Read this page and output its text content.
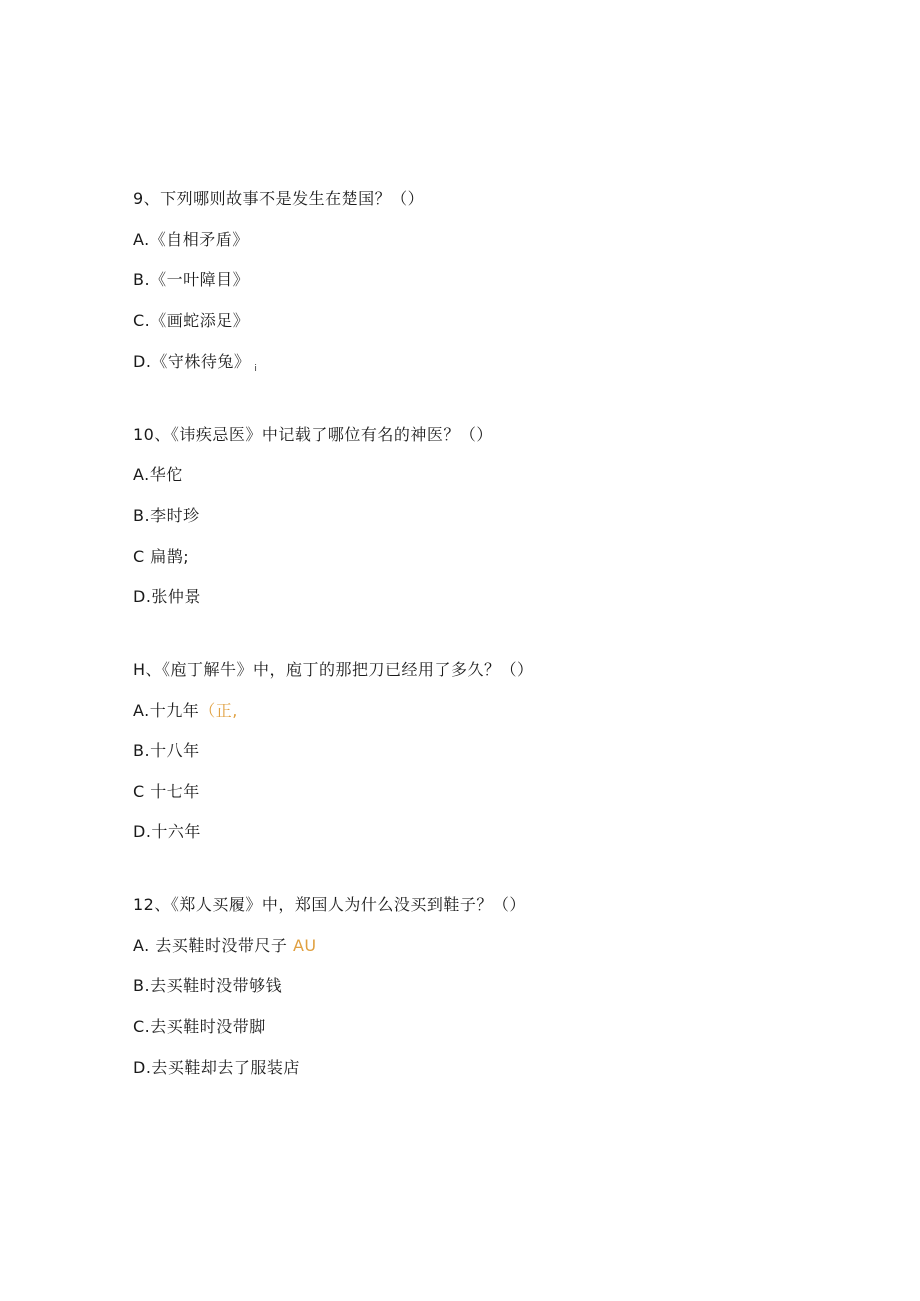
9、下列哪则故事不是发生在楚国？（）
A.《自相矛盾》
B.《一叶障目》
C.《画蛇添足》
D.《守株待兔》 $_i$
10、《讳疾忌医》中记载了哪位有名的神医？（）
A.华佗
B.李时珍
C 扁鹊;
D.张仲景
H、《庖丁解牛》中，庖丁的那把刀已经用了多久？（）
A.十九年（正,
B.十八年
C 十七年
D.十六年
12、《郑人买履》中，郑国人为什么没买到鞋子？（）
A. 去买鞋时没带尺子 AU
B.去买鞋时没带够钱
C.去买鞋时没带脚
D.去买鞋却去了服装店
